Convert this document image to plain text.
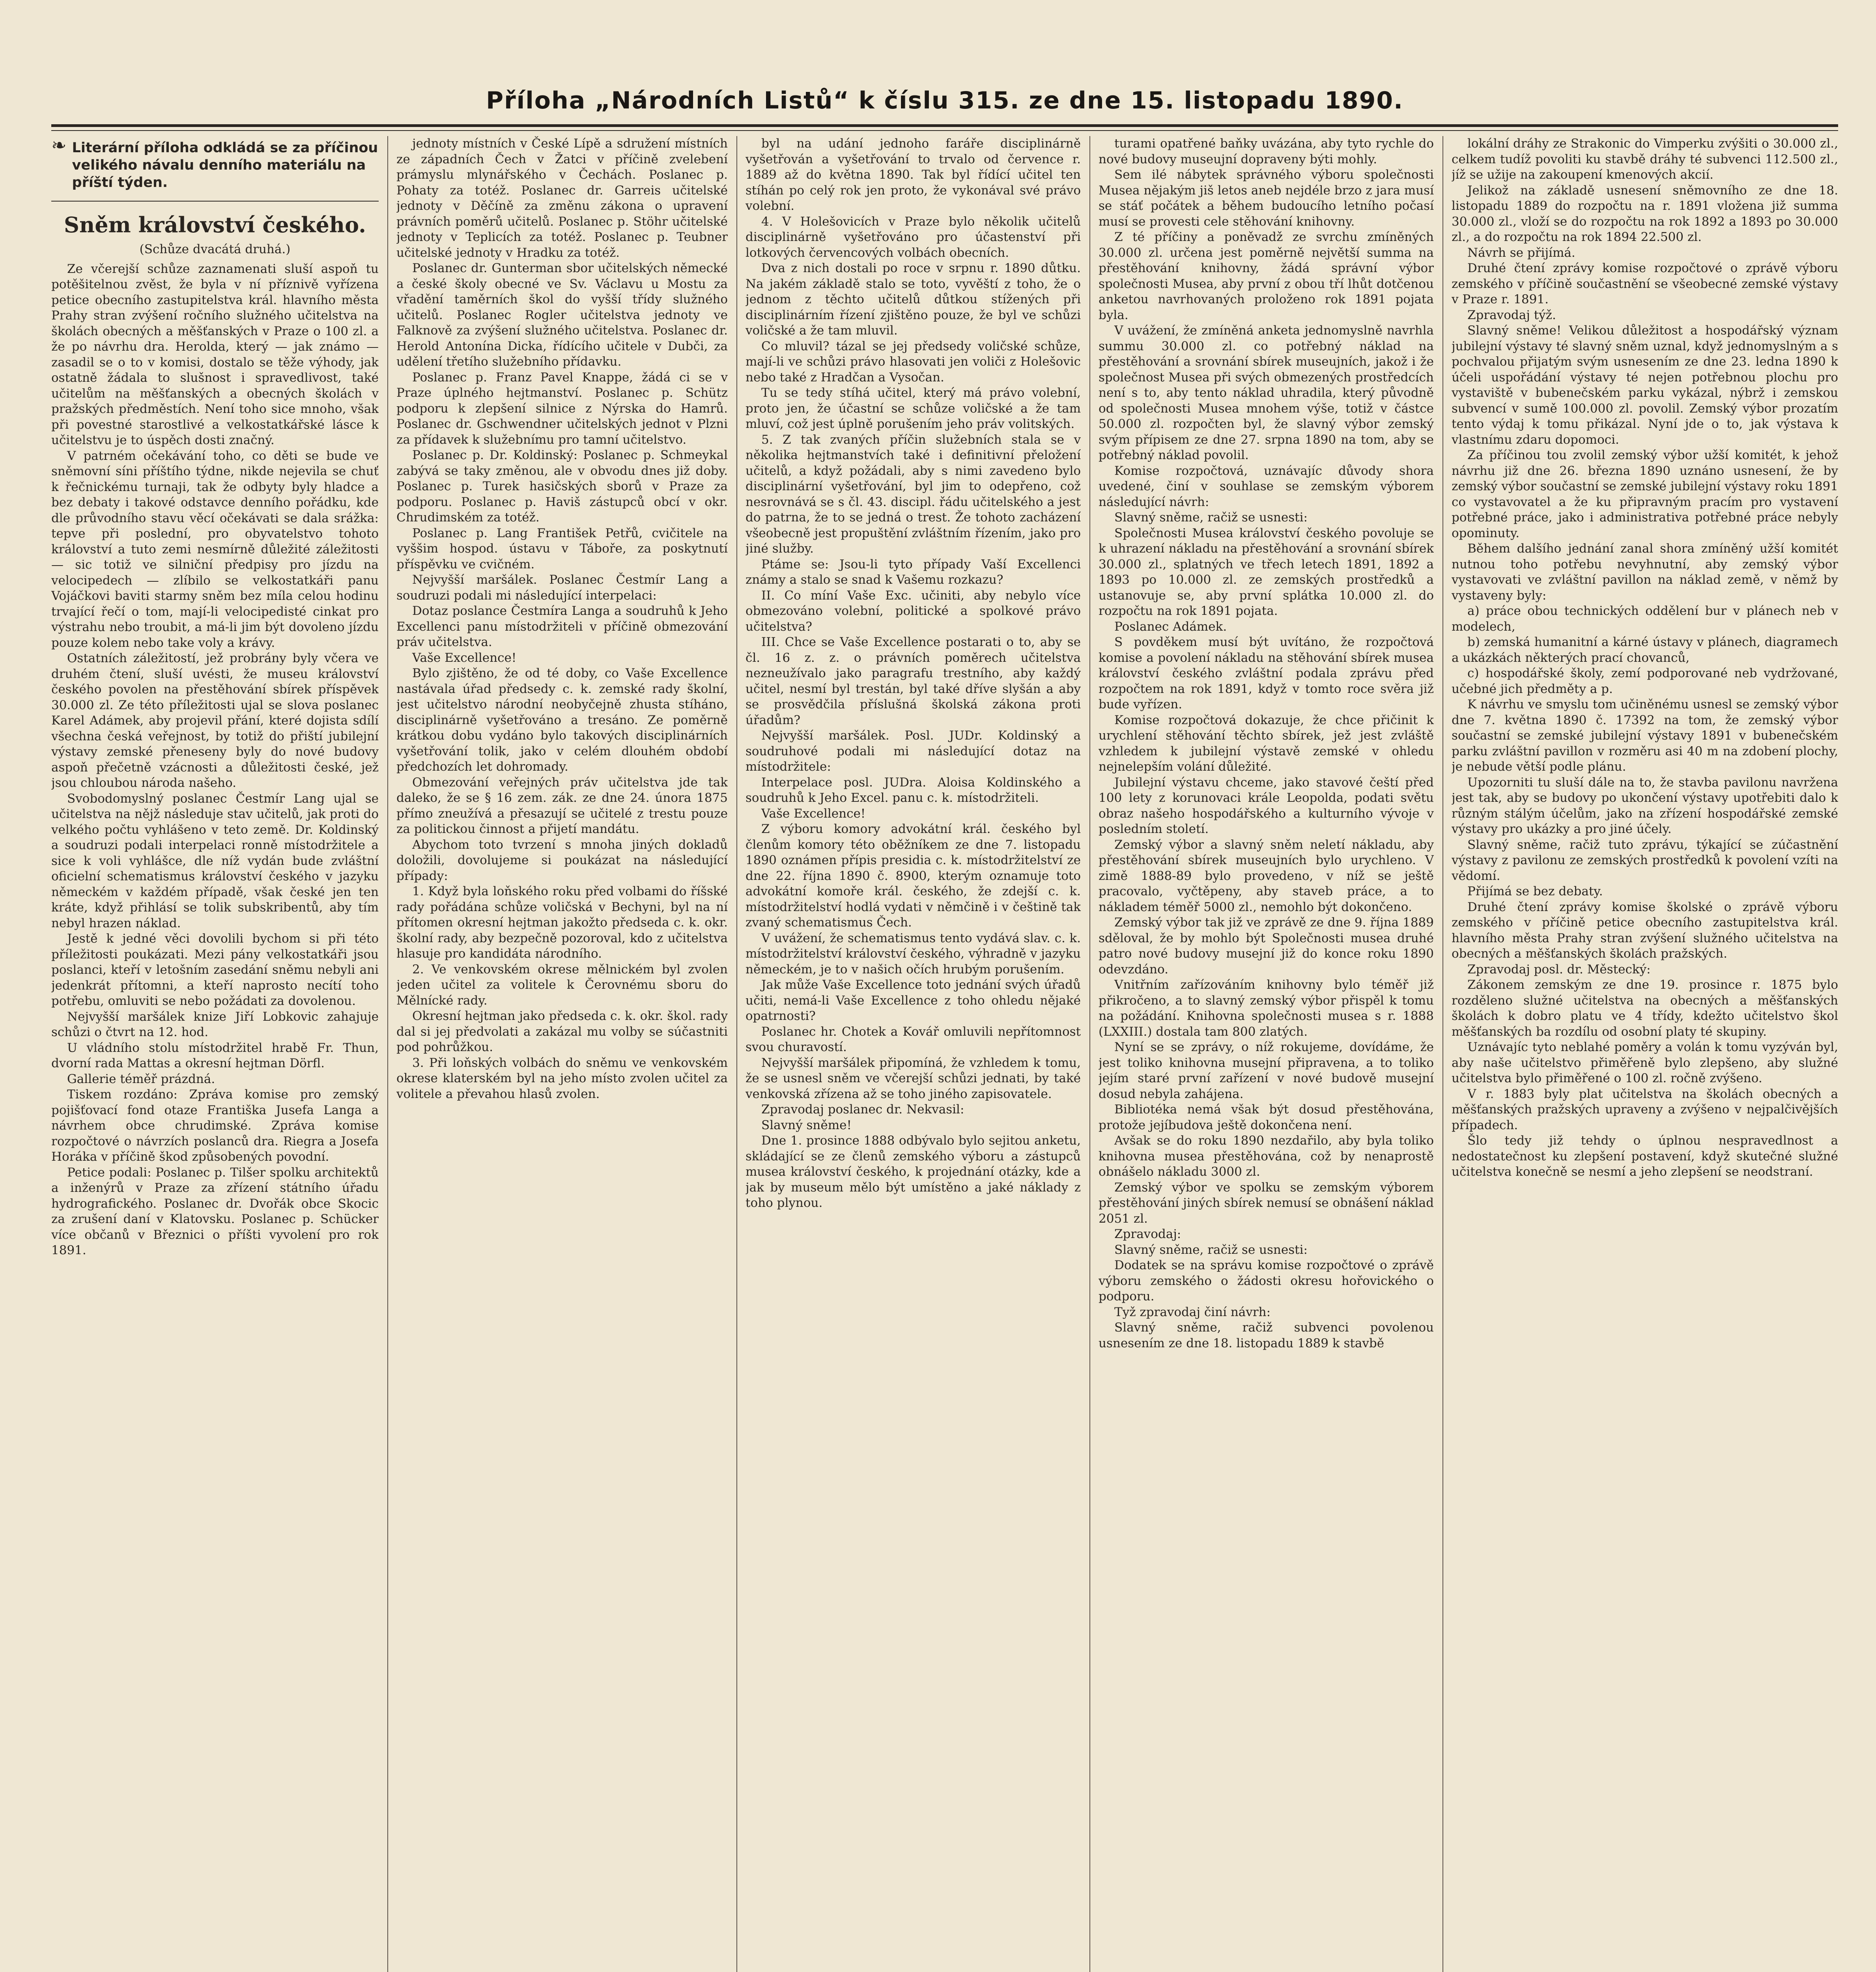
Příloha „Národních Listů“ k číslu 315. ze dne 15. listopadu 1890.
❧ Literární příloha odkládá se za příčinou velikého návalu denního materiálu na příští týden.
Sněm království českého.
(Schůze dvacátá druhá.)

Ze včerejší schůze zaznamenati sluší aspoň tu potěšitelnou zvěst, že byla v ní příznivě vyřízena petice obecního zastupitelstva král. hlavního města Prahy stran zvýšení ročního služného učitelstva na školách obecných a měšťanských v Praze o 100 zl. a že po návrhu dra. Herolda, který — jak známo — zasadil se o to v komisi, dostalo se těže výhody, jak ostatně žádala to slušnost i spravedlivost, také učitelům na měšťanských a obecných školách v pražských předměstích. Není toho sice mnoho, však při povestné starostlivé a velkostatkářské lásce k učitelstvu je to úspěch dosti značný.

V patrném očekávání toho, co děti se bude ve sněmovní síni příštího týdne, nikde nejevila se chuť k řečnickému turnaji, tak že odbyty byly hladce a bez debaty i takové odstavce denního pořádku, kde dle průvodního stavu věcí očekávati se dala srážka: tepve při poslední, pro obyvatelstvo tohoto království a tuto zemi nesmírně důležité záležitosti — sic totiž ve silniční předpisy pro jízdu na velocipedech — zlíbilo se velkostatkáři panu Vojáčkovi baviti starmy sněm bez míla celou hodinu trvající řečí o tom, mají-li velocipedisté cinkat pro výstrahu nebo troubit, a má-li jim být dovoleno jízdu pouze kolem nebo take voly a krávy.

Ostatních záležitostí, jež probrány byly včera ve druhém čtení, sluší uvésti, že museu království českého povolen na přestěhování sbírek příspěvek 30.000 zl. Ze této příležitosti ujal se slova poslanec Karel Adámek, aby projevil přání, které dojista sdílí všechna česká veřejnost, by totiž do přiští jubilejní výstavy zemské přeneseny byly do nové budovy aspoň přečetně vzácnosti a důležitosti české, jež jsou chloubou národa našeho.

Svobodomyslný poslanec Čestmír Lang ujal se učitelstva na nějž následuje stav učitelů, jak proti do velkého počtu vyhlášeno v teto země. Dr. Koldinský a soudruzi podali interpelaci ronně místodržitele a sice k voli vyhlášce, dle níž vydán bude zvláštní oficielní schematismus království českého v jazyku německém v každém případě, však české jen ten kráte, když přihlásí se tolik subskribentů, aby tím nebyl hrazen náklad.

Jestě k jedné věci dovolili bychom si při této příležitosti poukázati. Mezi pány velkostatkáři jsou poslanci, kteří v letošním zasedání sněmu nebyli ani jedenkrát přítomni, a kteří naprosto necítí toho potřebu, omluviti se nebo požádati za dovolenou.

Nejvyšší maršálek knize Jiří Lobkovic zahajuje schůzi o čtvrt na 12. hod.

U vládního stolu místodržitel hrabě Fr. Thun, dvorní rada Mattas a okresní hejtman Dörfl.

Gallerie téměř prázdná.

Tiskem rozdáno: Zpráva komise pro zemský pojišťovací fond otaze Františka Jusefa Langa a návrhem obce chrudimské. Zpráva komise rozpočtové o návrzích poslanců dra. Riegra a Josefa Horáka v příčině škod způsobených povodní.

Petice podali: Poslanec p. Tilšer spolku architektů a inženýrů v Praze za zřízení státního úřadu hydrografického. Poslanec dr. Dvořák obce Skocic za zrušení daní v Klatovsku. Poslanec p. Schücker více občanů v Březnici o příšti vyvolení pro rok 1891.

jednoty místních v České Lípě a sdružení místních ze západních Čech v Žatci v příčině zvelebení prámyslu mlynářského v Čechách. Poslanec p. Pohaty za totéž. Poslanec dr. Garreis učitelské jednoty v Děčíně za změnu zákona o upravení právních poměrů učitelů. Poslanec p. Stöhr učitelské jednoty v Teplicích za totéž. Poslanec p. Teubner učitelské jednoty v Hradku za totéž.

Poslanec dr. Gunterman sbor učitelských německé a české školy obecné ve Sv. Václavu u Mostu za vřadění taměrních škol do vyšší třídy služného učitelů. Poslanec Rogler učitelstva jednoty ve Falknově za zvýšení služného učitelstva. Poslanec dr. Herold Antonína Dicka, řídícího učitele v Dubči, za udělení třetího služebního přídavku.

Poslanec p. Franz Pavel Knappe, žádá ci se v Praze úplného hejtmanství. Poslanec p. Schütz podporu k zlepšení silnice z Nýrska do Hamrů. Poslanec dr. Gschwendner učitelských jednot v Plzni za přídavek k služebnímu pro tamní učitelstvo.

Poslanec p. Dr. Koldinský: Poslanec p. Schmeykal zabývá se taky změnou, ale v obvodu dnes již doby. Poslanec p. Turek hasičských sborů v Praze za podporu. Poslanec p. Haviš zástupců obcí v okr. Chrudimském za totéž.

Poslanec p. Lang František Petřů, cvičitele na vyššim hospod. ústavu v Táboře, za poskytnutí příspěvku ve cvičném.

Nejvyšší maršálek. Poslanec Čestmír Lang a soudruzi podali mi následující interpelaci:

Dotaz poslance Čestmíra Langa a soudruhů k Jeho Excellenci panu místodržiteli v příčině obmezování práv učitelstva.

Vaše Excellence!

Bylo zjištěno, že od té doby, co Vaše Excellence nastávala úřad předsedy c. k. zemské rady školní, jest učitelstvo národní neobyčejně zhusta stíháno, disciplinárně vyšetřováno a tresáno. Ze poměrně krátkou dobu vydáno bylo takových disciplinárních vyšetřování tolik, jako v celém dlouhém období předchozích let dohromady.

Obmezování veřejných práv učitelstva jde tak daleko, že se § 16 zem. zák. ze dne 24. února 1875 přímo zneužívá a přesazují se učitelé z trestu pouze za politickou činnost a přijetí mandátu.

Abychom toto tvrzení s mnoha jiných dokladů doložili, dovolujeme si poukázat na následující případy:

1. Když byla loňského roku před volbami do říšské rady pořádána schůze voličská v Bechyni, byl na ní přítomen okresní hejtman jakožto předseda c. k. okr. školní rady, aby bezpečně pozoroval, kdo z učitelstva hlasuje pro kandidáta národního.

2. Ve venkovském okrese mělnickém byl zvolen jeden učitel za volitele k Čerovnému sboru do Mělnícké rady.

Okresní hejtman jako předseda c. k. okr. škol. rady dal si jej předvolati a zakázal mu volby se súčastniti pod pohrůžkou.

3. Při loňských volbách do sněmu ve venkovském okrese klaterském byl na jeho místo zvolen učitel za volitele a převahou hlasů zvolen.

byl na udání jednoho faráře disciplinárně vyšetřován a vyšetřování to trvalo od července r. 1889 až do května 1890. Tak byl řídící učitel ten stíhán po celý rok jen proto, že vykonával své právo volební.

4. V Holešovicích v Praze bylo několik učitelů disciplinárně vyšetřováno pro účastenství při lotkových červencových volbách obecních.

Dva z nich dostali po roce v srpnu r. 1890 důtku. Na jakém základě stalo se toto, vyvěští z toho, že o jednom z těchto učitelů důtkou stížených při disciplinárním řízení zjištěno pouze, že byl ve schůzi voličské a že tam mluvil.

Co mluvil? tázal se jej předsedy voličské schůze, mají-li ve schůzi právo hlasovati jen voliči z Holešovic nebo také z Hradčan a Vysočan.

Tu se tedy stíhá učitel, který má právo volební, proto jen, že účastní se schůze voličské a že tam mluví, což jest úplně porušením jeho práv volitských.

5. Z tak zvaných příčin služebních stala se v několika hejtmanstvích také i definitivní přeložení učitelů, a když požádali, aby s nimi zavedeno bylo disciplinární vyšetřování, byl jim to odepřeno, což nesrovnává se s čl. 43. discipl. řádu učitelského a jest do patrna, že to se jedná o trest. Že tohoto zacházení všeobecně jest propuštění zvláštním řízením, jako pro jiné služby.

Ptáme se: Jsou-li tyto případy Vaší Excellenci známy a stalo se snad k Vašemu rozkazu?

II. Co míní Vaše Exc. učiniti, aby nebylo více obmezováno volební, politické a spolkové právo učitelstva?

III. Chce se Vaše Excellence postarati o to, aby se čl. 16 z. z. o právních poměrech učitelstva nezneužívalo jako paragrafu trestního, aby každý učitel, nesmí byl trestán, byl také dříve slyšán a aby se prosvědčila příslušná školská zákona proti úřadům?

Nejvyšší maršálek. Posl. JUDr. Koldinský a soudruhové podali mi následující dotaz na místodržitele:

Interpelace posl. JUDra. Aloisa Koldinského a soudruhů k Jeho Excel. panu c. k. místodržiteli.

Vaše Excellence!

Z výboru komory advokátní král. českého byl členům komory této oběžníkem ze dne 7. listopadu 1890 oznámen přípis presidia c. k. místodržitelství ze dne 22. října 1890 č. 8900, kterým oznamuje toto advokátní komoře král. českého, že zdejší c. k. místodržitelství hodlá vydati v němčině i v češtině tak zvaný schematismus Čech.

V uvážení, že schematismus tento vydává slav. c. k. místodržitelství království českého, výhradně v jazyku německém, je to v našich očích hrubým porušením.

Jak může Vaše Excellence toto jednání svých úřadů učiti, nemá-li Vaše Excellence z toho ohledu nějaké opatrnosti?

Poslanec hr. Chotek a Kovář omluvili nepřítomnost svou churavostí.

Nejvyšší maršálek připomíná, že vzhledem k tomu, že se usnesl sněm ve včerejší schůzi jednati, by také venkovská zřízena až se toho jiného zapisovatele.

Zpravodaj poslanec dr. Nekvasil:

Slavný sněme!

Dne 1. prosince 1888 odbývalo bylo sejitou anketu, skládající se ze členů zemského výboru a zástupců musea království českého, k projednání otázky, kde a jak by museum mělo být umístěno a jaké náklady z toho plynou.

turami opatřené baňky uvázána, aby tyto rychle do nové budovy museujní dopraveny býti mohly.

Sem ilé nábytek správného výboru společnosti Musea nějakým jiš letos aneb nejdéle brzo z jara musí se stáť počátek a během budoucího letního počasí musí se provesti cele stěhování knihovny.

Z té příčiny a poněvadž ze svrchu zmíněných 30.000 zl. určena jest poměrně největší summa na přestěhování knihovny, žádá správní výbor společnosti Musea, aby první z obou tří lhůt dotčenou anketou navrhovaných proloženo rok 1891 pojata byla.

V uvážení, že zmíněná anketa jednomyslně navrhla summu 30.000 zl. co potřebný náklad na přestěhování a srovnání sbírek museujních, jakož i že společnost Musea při svých obmezených prostředcích není s to, aby tento náklad uhradila, který původně od společnosti Musea mnohem výše, totiž v částce 50.000 zl. rozpočten byl, že slavný výbor zemský svým přípisem ze dne 27. srpna 1890 na tom, aby se potřebný náklad povolil.

Komise rozpočtová, uznávajíc důvody shora uvedené, činí v souhlase se zemským výborem následující návrh:

Slavný sněme, račiž se usnesti:

Společnosti Musea království českého povoluje se k uhrazení nákladu na přestěhování a srovnání sbírek 30.000 zl., splatných ve třech letech 1891, 1892 a 1893 po 10.000 zl. ze zemských prostředků a ustanovuje se, aby první splátka 10.000 zl. do rozpočtu na rok 1891 pojata.

Poslanec Adámek.

S povděkem musí být uvítáno, že rozpočtová komise a povolení nákladu na stěhování sbírek musea království českého zvláštní podala zprávu před rozpočtem na rok 1891, když v tomto roce svěra již bude vyřízen.

Komise rozpočtová dokazuje, že chce přičinit k urychlení stěhování těchto sbírek, jež jest zvláště vzhledem k jubilejní výstavě zemské v ohledu nejnelepším volání důležité.

Jubilejní výstavu chceme, jako stavové čeští před 100 lety z korunovaci krále Leopolda, podati světu obraz našeho hospodářského a kulturního vývoje v posledním století.

Zemský výbor a slavný sněm neletí nákladu, aby přestěhování sbírek museujních bylo urychleno. V zimě 1888-89 bylo provedeno, v níž se ještě pracovalo, vyčtěpeny, aby staveb práce, a to nákladem téměř 5000 zl., nemohlo být dokončeno.

Zemský výbor tak již ve zprávě ze dne 9. října 1889 sděloval, že by mohlo být Společnosti musea druhé patro nové budovy musejní již do konce roku 1890 odevzdáno.

Vnitřním zařízováním knihovny bylo téměř již přikročeno, a to slavný zemský výbor přispěl k tomu na požádání. Knihovna společnosti musea s r. 1888 (LXXIII.) dostala tam 800 zlatých.

Nyní se se zprávy, o níž rokujeme, dovídáme, že jest toliko knihovna musejní připravena, a to toliko jejím staré první zařízení v nové budově musejní dosud nebyla zahájena.

Bibliotéka nemá však být dosud přestěhována, protože jejíbudova ještě dokončena není.

Avšak se do roku 1890 nezdařilo, aby byla toliko knihovna musea přestěhována, což by nenaprostě obnášelo nákladu 3000 zl.

Zemský výbor ve spolku se zemským výborem přestěhování jiných sbírek nemusí se obnášení náklad 2051 zl.

Zpravodaj:

Slavný sněme, račiž se usnesti:

Dodatek se na správu komise rozpočtové o zprávě výboru zemského o žádosti okresu hořovického o podporu.

Tyž zpravodaj činí návrh:

Slavný sněme, račiž subvenci povolenou usnesením ze dne 18. listopadu 1889 k stavbě

lokální dráhy ze Strakonic do Vimperku zvýšiti o 30.000 zl., celkem tudíž povoliti ku stavbě dráhy té subvenci 112.500 zl., jíž se užije na zakoupení kmenových akcií.

Jelikož na základě usnesení sněmovního ze dne 18. listopadu 1889 do rozpočtu na r. 1891 vložena již summa 30.000 zl., vloží se do rozpočtu na rok 1892 a 1893 po 30.000 zl., a do rozpočtu na rok 1894 22.500 zl.

Návrh se přijímá.

Druhé čtení zprávy komise rozpočtové o zprávě výboru zemského v příčině součastnění se všeobecné zemské výstavy v Praze r. 1891.

Zpravodaj týž.

Slavný sněme! Velikou důležitost a hospodářský význam jubilejní výstavy té slavný sněm uznal, když jednomyslným a s pochvalou přijatým svým usnesením ze dne 23. ledna 1890 k účeli uspořádání výstavy té nejen potřebnou plochu pro vystaviště v bubenečském parku vykázal, nýbrž i zemskou subvencí v sumě 100.000 zl. povolil. Zemský výbor prozatím tento výdaj k tomu přikázal. Nyní jde o to, jak výstava k vlastnímu zdaru dopomoci.

Za příčinou tou zvolil zemský výbor užší komitét, k jehož návrhu již dne 26. března 1890 uznáno usnesení, že by zemský výbor součastní se zemské jubilejní výstavy roku 1891 co vystavovatel a že ku připravným pracím pro vystavení potřebné práce, jako i administrativa potřebné práce nebyly opominuty.

Během dalšího jednání zanal shora zmíněný užší komitét nutnou toho potřebu nevyhnutní, aby zemský výbor vystavovati ve zvláštní pavillon na náklad země, v němž by vystaveny byly:

a) práce obou technických oddělení bur v plánech neb v modelech,

b) zemská humanitní a kárné ústavy v plánech, diagramech a ukázkách některých prací chovanců,

c) hospodářské školy, zemí podporované neb vydržované, učebné jich předměty a p.

K návrhu ve smyslu tom učiněnému usnesl se zemský výbor dne 7. května 1890 č. 17392 na tom, že zemský výbor součastní se zemské jubilejní výstavy 1891 v bubenečském parku zvláštní pavillon v rozměru asi 40 m na zdobení plochy, je nebude větší podle plánu.

Upozorniti tu sluší dále na to, že stavba pavilonu navržena jest tak, aby se budovy po ukončení výstavy upotřebiti dalo k různým stálým účelům, jako na zřízení hospodářské zemské výstavy pro ukázky a pro jiné účely.

Slavný sněme, račiž tuto zprávu, týkající se zúčastnění výstavy z pavilonu ze zemských prostředků k povolení vzíti na vědomí.

Přijímá se bez debaty.

Druhé čtení zprávy komise školské o zprávě výboru zemského v příčině petice obecního zastupitelstva král. hlavního města Prahy stran zvýšení služného učitelstva na obecných a měšťanských školách pražských.

Zpravodaj posl. dr. Městecký:

Zákonem zemským ze dne 19. prosince r. 1875 bylo rozděleno služné učitelstva na obecných a měšťanských školách k dobro platu ve 4 třídy, kdežto učitelstvo škol měšťanských ba rozdílu od osobní platy té skupiny.

Uznávajíc tyto neblahé poměry a volán k tomu vyzýván byl, aby naše učitelstvo přiměřeně bylo zlepšeno, aby služné učitelstva bylo přiměřené o 100 zl. ročně zvýšeno.

V r. 1883 byly plat učitelstva na školách obecných a měšťanských pražských upraveny a zvýšeno v nejpalčivějších případech.

Šlo tedy již tehdy o úplnou nespravedlnost a nedostatečnost ku zlepšení postavení, když skutečné služné učitelstva konečně se nesmí a jeho zlepšení se neodstraní.
